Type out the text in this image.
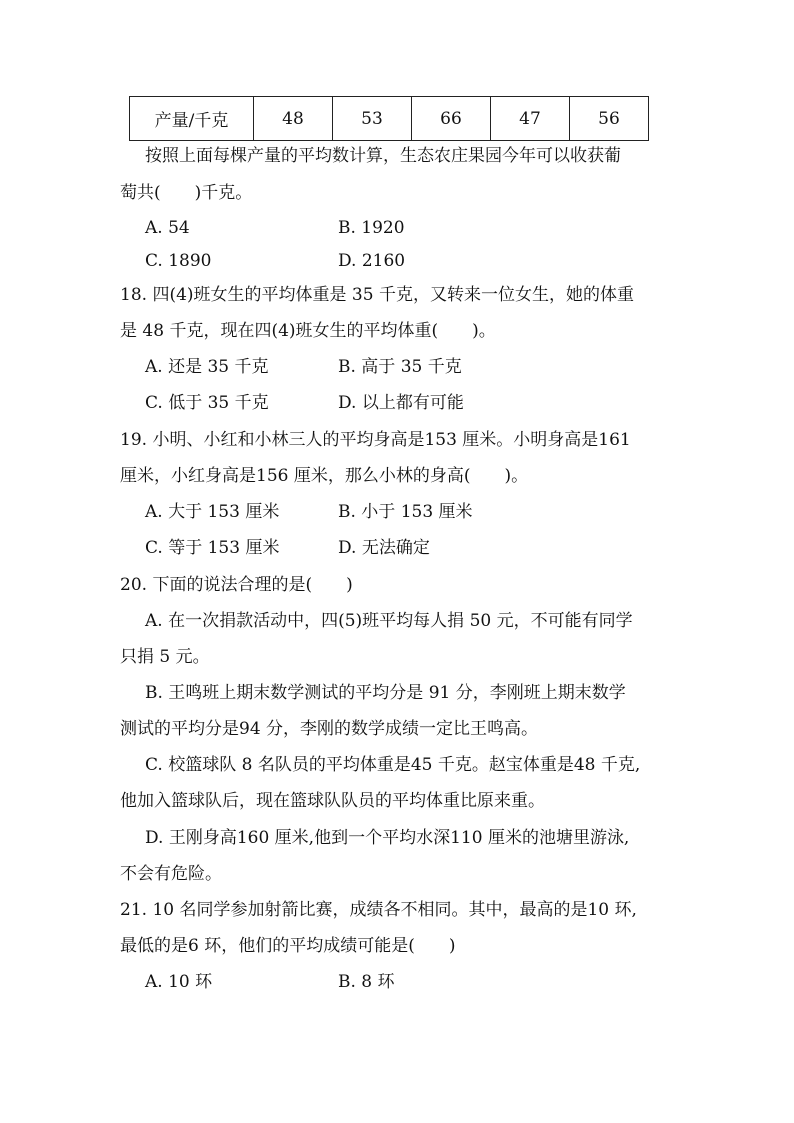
产量/千克	48	53	66	47	56
按照上面每棵产量的平均数计算，生态农庄果园今年可以收获葡
萄共(　　)千克。
A. 54	B. 1920
C. 1890	D. 2160
18. 四(4)班女生的平均体重是 35 千克，又转来一位女生，她的体重
是 48 千克，现在四(4)班女生的平均体重(　　)。
A. 还是 35 千克	B. 高于 35 千克
C. 低于 35 千克	D. 以上都有可能
19. 小明、小红和小林三人的平均身高是153 厘米。小明身高是161
厘米，小红身高是156 厘米，那么小林的身高(　　)。
A. 大于 153 厘米	B. 小于 153 厘米
C. 等于 153 厘米	D. 无法确定
20. 下面的说法合理的是(　　)
A. 在一次捐款活动中，四(5)班平均每人捐 50 元，不可能有同学
只捐 5 元。
B. 王鸣班上期末数学测试的平均分是 91 分，李刚班上期末数学
测试的平均分是94 分，李刚的数学成绩一定比王鸣高。
C. 校篮球队 8 名队员的平均体重是45 千克。赵宝体重是48 千克,
他加入篮球队后，现在篮球队队员的平均体重比原来重。
D. 王刚身高160 厘米,他到一个平均水深110 厘米的池塘里游泳,
不会有危险。
21. 10 名同学参加射箭比赛，成绩各不相同。其中，最高的是10 环,
最低的是6 环，他们的平均成绩可能是(　　)
A. 10 环	B. 8 环
